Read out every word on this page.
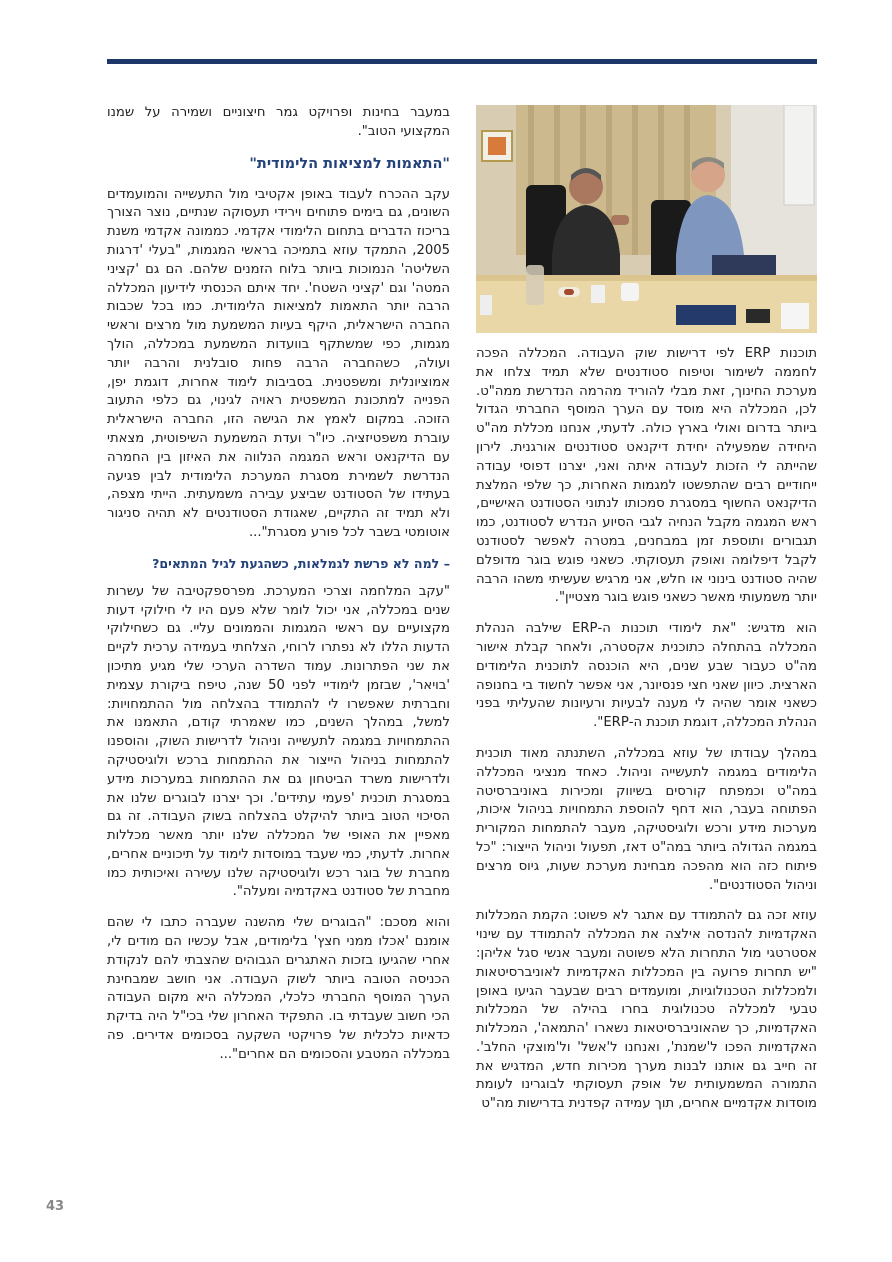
במעבר בחינות ופרויקט גמר חיצוניים ושמירה על שמנו המקצועי הטוב".

"התאמות למציאות הלימודית"

עקב ההכרח לעבוד באופן אקטיבי מול התעשייה והמועמדים השונים, גם בימים פתוחים וירידי תעסוקה שנתיים, נוצר הצורך בריכוז הדברים בתחום הלימודי אקדמי. כממונה אקדמי משנת 2005, התמקד עוזא בתמיכה בראשי המגמות, "בעלי 'דרגות השליטה' הנמוכות ביותר בלוח הזמנים שלהם. הם גם 'קציני המטה' וגם 'קציני השטח'. יחד איתם הכנסתי לידיעון המכללה הרבה יותר התאמות למציאות הלימודית. כמו בכל שכבות החברה הישראלית, היקף בעיות המשמעת מול מרצים וראשי מגמות, כפי שמשתקף בוועדות המשמעת במכללה, הולך ועולה, כשהחברה הרבה פחות סובלנית והרבה יותר אמוציונלית ומשפטנית. בסביבות לימוד אחרות, דוגמת יפן, הפנייה למתכונת המשפטית ראויה לגינוי, גם כלפי התעוב הזוכה. במקום לאמץ את הגישה הזו, החברה הישראלית עוברת משפטיזציה. כיו"ר ועדת המשמעת השיפוטית, מצאתי עם הדיקנאט וראש המגמה הנלווה את האיזון בין החמרה הנדרשת לשמירת מסגרת המערכת הלימודית לבין פגיעה בעתידו של הסטודנט שביצע עבירה משמעתית. הייתי מצפה, ולא תמיד זה התקיים, שאגודת הסטודנטים לא תהיה סניגור אוטומטי בשבר לכל פורע מסגרת"...

– למה לא פרשת לגמלאות, כשהגעת לגיל המתאים?

"עקב המלחמה וצרכי המערכת. מפרספקטיבה של עשרות שנים במכללה, אני יכול לומר שלא פעם היו לי חילוקי דעות מקצועיים עם ראשי המגמות והממונים עליי. גם כשחילוקי הדעות הללו לא נפתרו לרוחי, הצלחתי בעמידה ערכית לקיים את שני הפתרונות. עמוד השדרה הערכי שלי מגיע מתיכון 'בויאר', שבזמן לימודיי לפני 50 שנה, טיפח ביקורת עצמית וחברתית שאפשרו לי להתמודד בהצלחה מול ההתמחויות: למשל, במהלך השנים, כמו שאמרתי קודם, התאמנו את ההתמחויות במגמה לתעשייה וניהול לדרישות השוק, והוספנו להתמחות בניהול הייצור את ההתמחות ברכש ולוגיסטיקה ולדרישות משרד הביטחון גם את ההתמחות במערכות מידע במסגרת תוכנית 'פעמי עתידים'. וכך יצרנו לבוגרים שלנו את הסיכוי הטוב ביותר להיקלט בהצלחה בשוק העבודה. זה גם מאפיין את האופי של המכללה שלנו יותר מאשר מכללות אחרות. לדעתי, כמי שעבד במוסדות לימוד על תיכוניים אחרים, מחברת של בוגר רכש ולוגיסטיקה שלנו עשירה ואיכותית כמו מחברת של סטודנט באקדמיה ומעלה".

והוא מסכם: "הבוגרים שלי מהשנה שעברה כתבו לי שהם אומנם 'אכלו ממני חצץ' בלימודים, אבל עכשיו הם מודים לי, אחרי שהגיעו בזכות האתגרים הגבוהים שהצבתי להם לנקודת הכניסה הטובה ביותר לשוק העבודה. אני חושב שמבחינת הערך המוסף החברתי כלכלי, המכללה היא מקום העבודה הכי חשוב שעבדתי בו. התפקיד האחרון שלי בכי"ל היה בדיקת כדאיות כלכלית של פרויקטי השקעה בסכומים אדירים. פה במכללה המטבע והסכומים הם אחרים"...

תוכנות ERP לפי דרישות שוק העבודה. המכללה הפכה לחממה לשימור וטיפוח סטודנטים שלא תמיד צלחו את מערכת החינוך, זאת מבלי להוריד מהרמה הנדרשת ממה"ט. לכן, המכללה היא מוסד עם הערך המוסף החברתי הגדול ביותר בדרום ואולי בארץ כולה. לדעתי, אנחנו מכללת מה"ט היחידה שמפעילה יחידת דיקנאט סטודנטים אורגנית. לירון שהייתה לי הזכות לעבודה איתה ואני, יצרנו דפוסי עבודה ייחודיים רבים שהתפשטו למגמות האחרות, כך שלפי המלצת הדיקנאט החשוף במסגרת סמכותו לנתוני הסטודנט האישיים, ראש המגמה מקבל הנחיה לגבי הסיוע הנדרש לסטודנט, כמו תגבורים ותוספת זמן במבחנים, במטרה לאפשר לסטודנט לקבל דיפלומה ואופק תעסוקתי. כשאני פוגש בוגר מדופלם שהיה סטודנט בינוני או חלש, אני מרגיש שעשיתי משהו הרבה יותר משמעותי מאשר כשאני פוגש בוגר מצטיין".

הוא מדגיש: "את לימודי תוכנות ה-ERP שילבה הנהלת המכללה בהתחלה כתוכנית אקסטרה, ולאחר קבלת אישור מה"ט כעבור שבע שנים, היא הוכנסה לתוכנית הלימודים הארצית. כיוון שאני חצי פנסיונר, אני אפשר לחשוד בי בחנופה כשאני אומר שהיה לי מענה לבעיות ורעיונות שהעליתי בפני הנהלת המכללה, דוגמת תוכנת ה-ERP".

במהלך עבודתו של עוזא במכללה, השתנתה מאוד תוכנית הלימודים במגמה לתעשייה וניהול. כאחד מנציגי המכללה במה"ט וכמפתח קורסים בשיווק ומכירות באוניברסיטה הפתוחה בעבר, הוא דחף להוספת התמחויות בניהול איכות, מערכות מידע ורכש ולוגיסטיקה, מעבר להתמחות המקורית במגמה הגדולה ביותר במה"ט דאז, תפעול וניהול הייצור: "כל פיתוח כזה הוא מהפכה מבחינת מערכת שעות, גיוס מרצים וניהול הסטודנטים".

עוזא זכה גם להתמודד עם אתגר לא פשוט: הקמת המכללות האקדמיות להנדסה אילצה את המכללה להתמודד עם שינוי אסטרטגי מול התחרות הלא פשוטה ומעבר אנשי סגל אליהן: "יש תחרות פרועה בין המכללות האקדמיות לאוניברסיטאות ולמכללות הטכנולוגיות, ומועמדים רבים שבעבר הגיעו באופן טבעי למכללה טכנולוגית בחרו בהילה של המכללות האקדמיות, כך שהאוניברסיטאות נשארו 'התמאה', המכללות האקדמיות הפכו ל'שמנת', ואנחנו ל'אשל' ול'מוצקי החלב'. זה חייב גם אותנו לבנות מערך מכירות חדש, המדגיש את התמורה המשמעותית של אופק תעסוקתי לבוגרינו לעומת מוסדות אקדמיים אחרים, תוך עמידה קפדנית בדרישות מה"ט

43
